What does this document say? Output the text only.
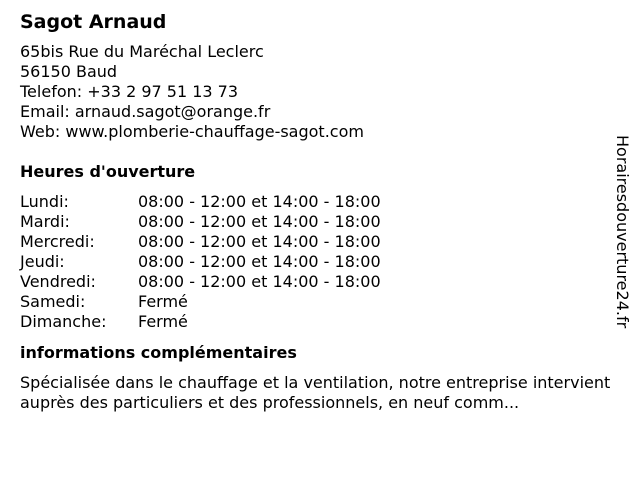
Sagot Arnaud
65bis Rue du Maréchal Leclerc
56150 Baud
Telefon: +33 2 97 51 13 73
Email: arnaud.sagot@orange.fr
Web: www.plomberie-chauffage-sagot.com
Heures d'ouverture
Lundi:	08:00 - 12:00 et 14:00 - 18:00
Mardi:	08:00 - 12:00 et 14:00 - 18:00
Mercredi:	08:00 - 12:00 et 14:00 - 18:00
Jeudi:	08:00 - 12:00 et 14:00 - 18:00
Vendredi:	08:00 - 12:00 et 14:00 - 18:00
Samedi:	Fermé
Dimanche:	Fermé
informations complémentaires
Spécialisée dans le chauffage et la ventilation, notre entreprise intervient auprès des particuliers et des professionnels, en neuf comm...
Horairesdouverture24.fr
